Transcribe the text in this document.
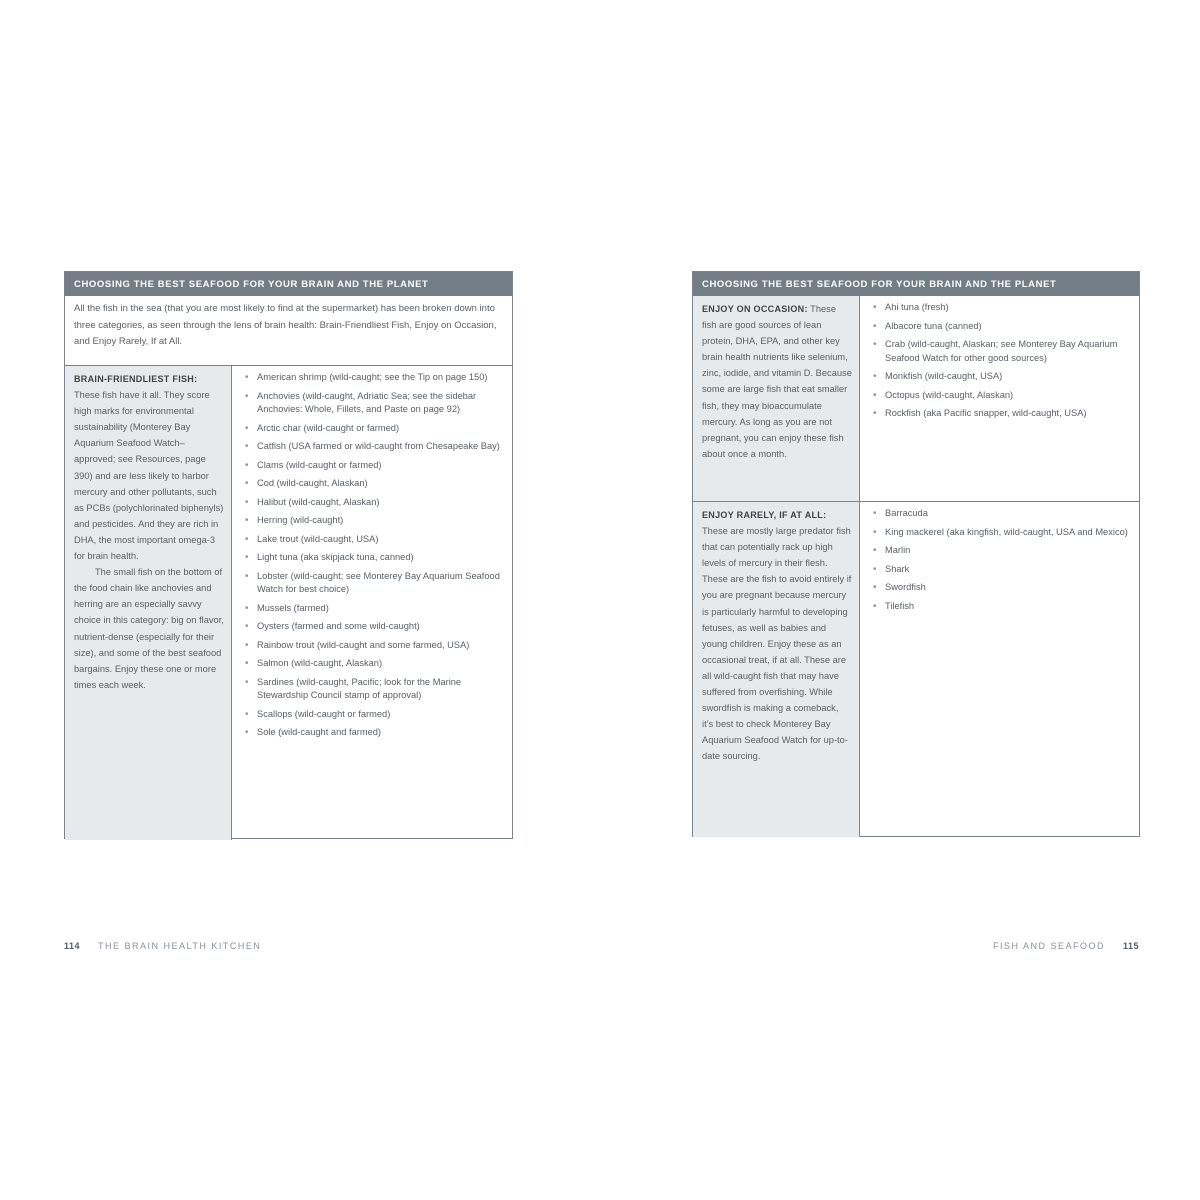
CHOOSING THE BEST SEAFOOD FOR YOUR BRAIN AND THE PLANET
All the fish in the sea (that you are most likely to find at the supermarket) has been broken down into three categories, as seen through the lens of brain health: Brain-Friendliest Fish, Enjoy on Occasion, and Enjoy Rarely, If at All.

BRAIN-FRIENDLIEST FISH: These fish have it all. They score high marks for environmental sustainability (Monterey Bay Aquarium Seafood Watch–approved; see Resources, page 390) and are less likely to harbor mercury and other pollutants, such as PCBs (polychlorinated biphenyls) and pesticides. And they are rich in DHA, the most important omega-3 for brain health.

The small fish on the bottom of the food chain like anchovies and herring are an especially savvy choice in this category: big on flavor, nutrient-dense (especially for their size), and some of the best seafood bargains. Enjoy these one or more times each week.

• American shrimp (wild-caught; see the Tip on page 150)
• Anchovies (wild-caught, Adriatic Sea; see the sidebar Anchovies: Whole, Fillets, and Paste on page 92)
• Arctic char (wild-caught or farmed)
• Catfish (USA farmed or wild-caught from Chesapeake Bay)
• Clams (wild-caught or farmed)
• Cod (wild-caught, Alaskan)
• Halibut (wild-caught, Alaskan)
• Herring (wild-caught)
• Lake trout (wild-caught, USA)
• Light tuna (aka skipjack tuna, canned)
• Lobster (wild-caught; see Monterey Bay Aquarium Seafood Watch for best choice)
• Mussels (farmed)
• Oysters (farmed and some wild-caught)
• Rainbow trout (wild-caught and some farmed, USA)
• Salmon (wild-caught, Alaskan)
• Sardines (wild-caught, Pacific; look for the Marine Stewardship Council stamp of approval)
• Scallops (wild-caught or farmed)
• Sole (wild-caught and farmed)
114 THE BRAIN HEALTH KITCHEN
CHOOSING THE BEST SEAFOOD FOR YOUR BRAIN AND THE PLANET

ENJOY ON OCCASION: These fish are good sources of lean protein, DHA, EPA, and other key brain health nutrients like selenium, zinc, iodide, and vitamin D. Because some are large fish that eat smaller fish, they may bioaccumulate mercury. As long as you are not pregnant, you can enjoy these fish about once a month.

• Ahi tuna (fresh)
• Albacore tuna (canned)
• Crab (wild-caught, Alaskan; see Monterey Bay Aquarium Seafood Watch for other good sources)
• Monkfish (wild-caught, USA)
• Octopus (wild-caught, Alaskan)
• Rockfish (aka Pacific snapper, wild-caught, USA)

ENJOY RARELY, IF AT ALL: These are mostly large predator fish that can potentially rack up high levels of mercury in their flesh. These are the fish to avoid entirely if you are pregnant because mercury is particularly harmful to developing fetuses, as well as babies and young children. Enjoy these as an occasional treat, if at all. These are all wild-caught fish that may have suffered from overfishing. While swordfish is making a comeback, it’s best to check Monterey Bay Aquarium Seafood Watch for up-to-date sourcing.

• Barracuda
• King mackerel (aka kingfish, wild-caught, USA and Mexico)
• Marlin
• Shark
• Swordfish
• Tilefish
FISH AND SEAFOOD 115
